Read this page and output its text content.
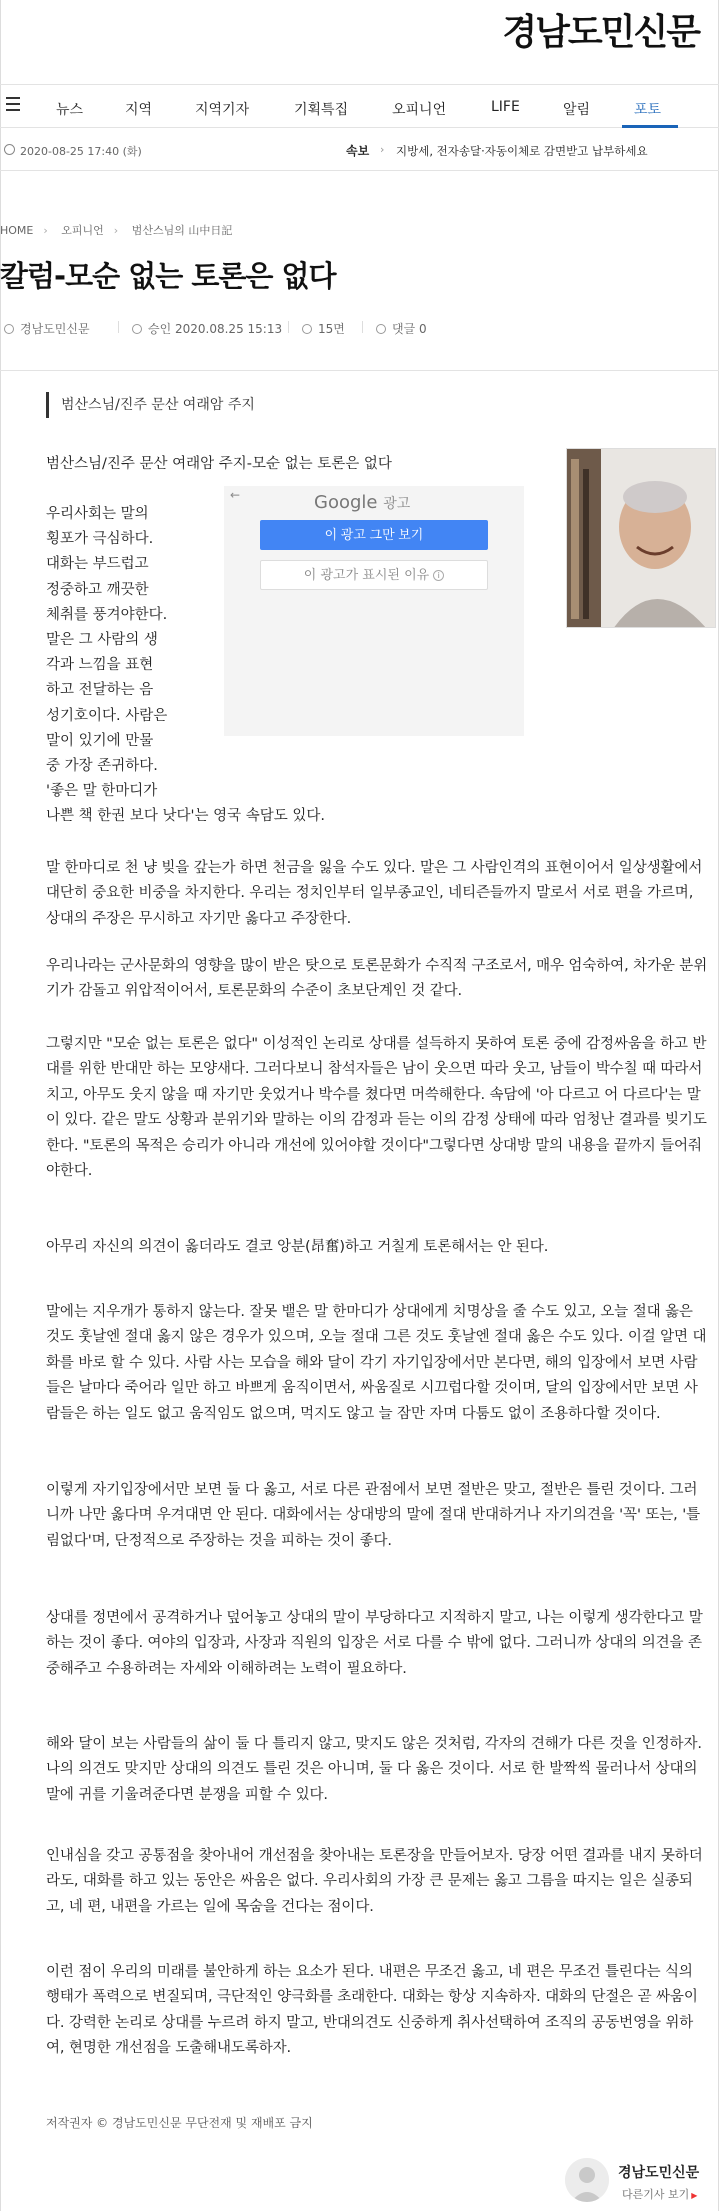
경남도민신문
뉴스	지역	지역기자	기획특집	오피니언	LIFE	알림	포토
2020-08-25 17:40 (화)	속보 › 지방세, 전자송달·자동이체로 감면받고 납부하세요
HOME › 오피니언 › 범산스님의 山中日記
칼럼-모순 없는 토론은 없다
경남도민신문	승인 2020.08.25 15:13	15면	댓글 0
범산스님/진주 문산 여래암 주지
범산스님/진주 문산 여래암 주지-모순 없는 토론은 없다
←	Google 광고
이 광고 그만 보기
이 광고가 표시된 이유 i
우리사회는 말의
횡포가 극심하다.
대화는 부드럽고
정중하고 깨끗한
체취를 풍겨야한다.
말은 그 사람의 생
각과 느낌을 표현
하고 전달하는 음
성기호이다. 사람은
말이 있기에 만물
중 가장 존귀하다.
'좋은 말 한마디가
나쁜 책 한권 보다 낫다'는 영국 속담도 있다.

말 한마디로 천 냥 빚을 갚는가 하면 천금을 잃을 수도 있다. 말은 그 사람인격의 표현이어서 일상생활에서 대단히 중요한 비중을 차지한다. 우리는 정치인부터 일부종교인, 네티즌들까지 말로서 서로 편을 가르며, 상대의 주장은 무시하고 자기만 옳다고 주장한다.

우리나라는 군사문화의 영향을 많이 받은 탓으로 토론문화가 수직적 구조로서, 매우 엄숙하여, 차가운 분위기가 감돌고 위압적이어서, 토론문화의 수준이 초보단계인 것 같다.

그렇지만 "모순 없는 토론은 없다" 이성적인 논리로 상대를 설득하지 못하여 토론 중에 감정싸움을 하고 반대를 위한 반대만 하는 모양새다. 그러다보니 참석자들은 남이 웃으면 따라 웃고, 남들이 박수칠 때 따라서 치고, 아무도 웃지 않을 때 자기만 웃었거나 박수를 쳤다면 머쓱해한다. 속담에 '아 다르고 어 다르다'는 말이 있다. 같은 말도 상황과 분위기와 말하는 이의 감정과 듣는 이의 감정 상태에 따라 엄청난 결과를 빚기도 한다. "토론의 목적은 승리가 아니라 개선에 있어야할 것이다"그렇다면 상대방 말의 내용을 끝까지 들어줘야한다.

아무리 자신의 의견이 옳더라도 결코 앙분(昂奮)하고 거칠게 토론해서는 안 된다.

말에는 지우개가 통하지 않는다. 잘못 뱉은 말 한마디가 상대에게 치명상을 줄 수도 있고, 오늘 절대 옳은 것도 훗날엔 절대 옳지 않은 경우가 있으며, 오늘 절대 그른 것도 훗날엔 절대 옳은 수도 있다. 이걸 알면 대화를 바로 할 수 있다. 사람 사는 모습을 해와 달이 각기 자기입장에서만 본다면, 해의 입장에서 보면 사람들은 날마다 죽어라 일만 하고 바쁘게 움직이면서, 싸움질로 시끄럽다할 것이며, 달의 입장에서만 보면 사람들은 하는 일도 없고 움직임도 없으며, 먹지도 않고 늘 잠만 자며 다툼도 없이 조용하다할 것이다.

이렇게 자기입장에서만 보면 둘 다 옳고, 서로 다른 관점에서 보면 절반은 맞고, 절반은 틀린 것이다. 그러니까 나만 옳다며 우겨대면 안 된다. 대화에서는 상대방의 말에 절대 반대하거나 자기의견을 '꼭' 또는, '틀림없다'며, 단정적으로 주장하는 것을 피하는 것이 좋다.

상대를 정면에서 공격하거나 덮어놓고 상대의 말이 부당하다고 지적하지 말고, 나는 이렇게 생각한다고 말하는 것이 좋다. 여야의 입장과, 사장과 직원의 입장은 서로 다를 수 밖에 없다. 그러니까 상대의 의견을 존중해주고 수용하려는 자세와 이해하려는 노력이 필요하다.

해와 달이 보는 사람들의 삶이 둘 다 틀리지 않고, 맞지도 않은 것처럼, 각자의 견해가 다른 것을 인정하자. 나의 의견도 맞지만 상대의 의견도 틀린 것은 아니며, 둘 다 옳은 것이다. 서로 한 발짝씩 물러나서 상대의 말에 귀를 기울려준다면 분쟁을 피할 수 있다.

인내심을 갖고 공통점을 찾아내어 개선점을 찾아내는 토론장을 만들어보자. 당장 어떤 결과를 내지 못하더라도, 대화를 하고 있는 동안은 싸움은 없다. 우리사회의 가장 큰 문제는 옳고 그름을 따지는 일은 실종되고, 네 편, 내편을 가르는 일에 목숨을 건다는 점이다.

이런 점이 우리의 미래를 불안하게 하는 요소가 된다. 내편은 무조건 옳고, 네 편은 무조건 틀린다는 식의 행태가 폭력으로 변질되며, 극단적인 양극화를 초래한다. 대화는 항상 지속하자. 대화의 단절은 곧 싸움이다. 강력한 논리로 상대를 누르려 하지 말고, 반대의견도 신중하게 취사선택하여 조직의 공동번영을 위하여, 현명한 개선점을 도출해내도록하자.

저작권자 © 경남도민신문 무단전재 및 재배포 금지
경남도민신문
다른기사 보기 ▶
